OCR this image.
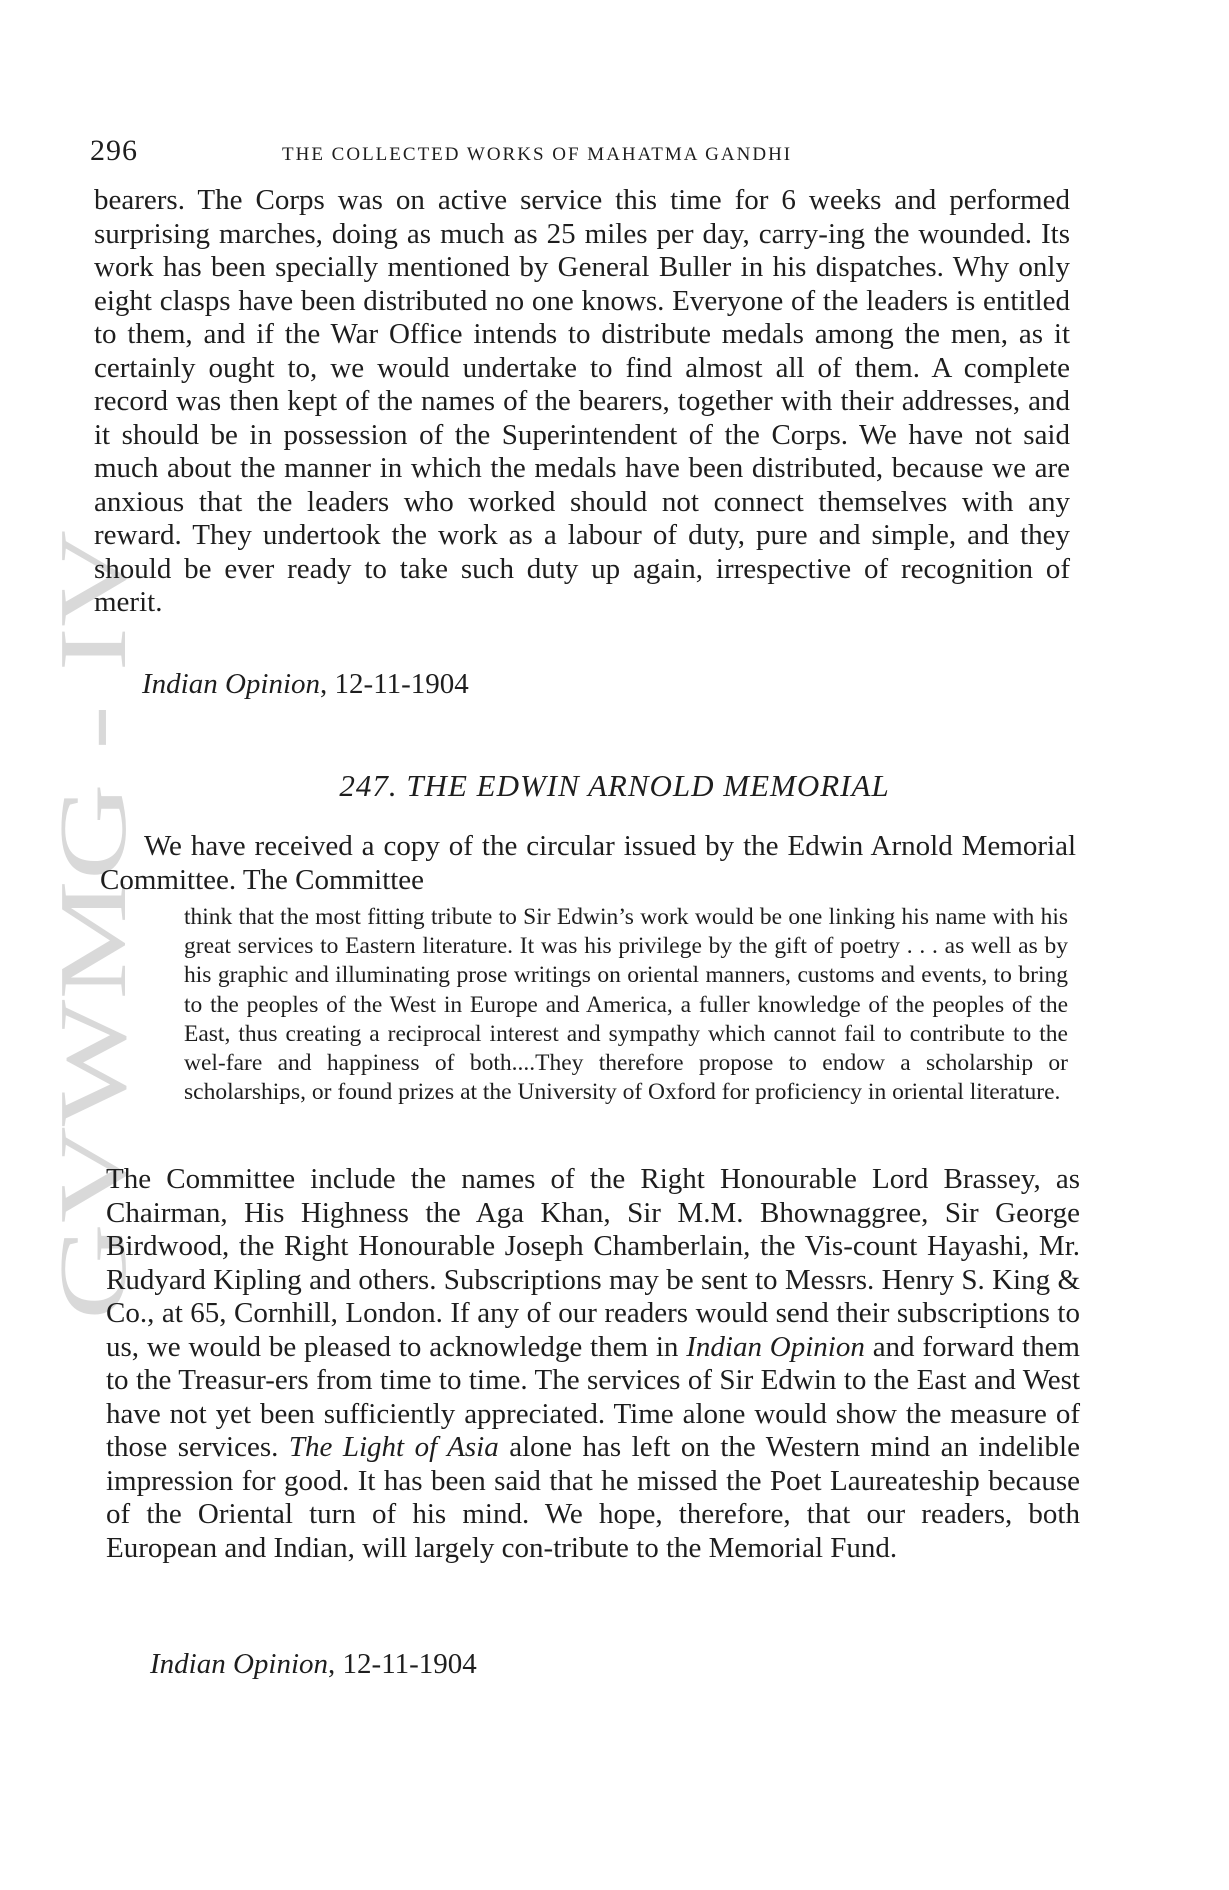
GVWMG - IV
296	THE COLLECTED WORKS OF MAHATMA GANDHI

bearers. The Corps was on active service this time for 6 weeks and performed surprising marches, doing as much as 25 miles per day, carry-ing the wounded. Its work has been specially mentioned by General Buller in his dispatches. Why only eight clasps have been distributed no one knows. Everyone of the leaders is entitled to them, and if the War Office intends to distribute medals among the men, as it certainly ought to, we would undertake to find almost all of them. A complete record was then kept of the names of the bearers, together with their addresses, and it should be in possession of the Superintendent of the Corps. We have not said much about the manner in which the medals have been distributed, because we are anxious that the leaders who worked should not connect themselves with any reward. They undertook the work as a labour of duty, pure and simple, and they should be ever ready to take such duty up again, irrespective of recognition of merit.

Indian Opinion, 12-11-1904
247. THE EDWIN ARNOLD MEMORIAL

We have received a copy of the circular issued by the Edwin Arnold Memorial Committee. The Committee

think that the most fitting tribute to Sir Edwin’s work would be one linking his name with his great services to Eastern literature. It was his privilege by the gift of poetry . . . as well as by his graphic and illuminating prose writings on oriental manners, customs and events, to bring to the peoples of the West in Europe and America, a fuller knowledge of the peoples of the East, thus creating a reciprocal interest and sympathy which cannot fail to contribute to the wel-fare and happiness of both....They therefore propose to endow a scholarship or scholarships, or found prizes at the University of Oxford for proficiency in oriental literature.

The Committee include the names of the Right Honourable Lord Brassey, as Chairman, His Highness the Aga Khan, Sir M.M. Bhownaggree, Sir George Birdwood, the Right Honourable Joseph Chamberlain, the Vis-count Hayashi, Mr. Rudyard Kipling and others. Subscriptions may be sent to Messrs. Henry S. King & Co., at 65, Cornhill, London. If any of our readers would send their subscriptions to us, we would be pleased to acknowledge them in Indian Opinion and forward them to the Treasur-ers from time to time. The services of Sir Edwin to the East and West have not yet been sufficiently appreciated. Time alone would show the measure of those services. The Light of Asia alone has left on the Western mind an indelible impression for good. It has been said that he missed the Poet Laureateship because of the Oriental turn of his mind. We hope, therefore, that our readers, both European and Indian, will largely con-tribute to the Memorial Fund.

Indian Opinion, 12-11-1904
